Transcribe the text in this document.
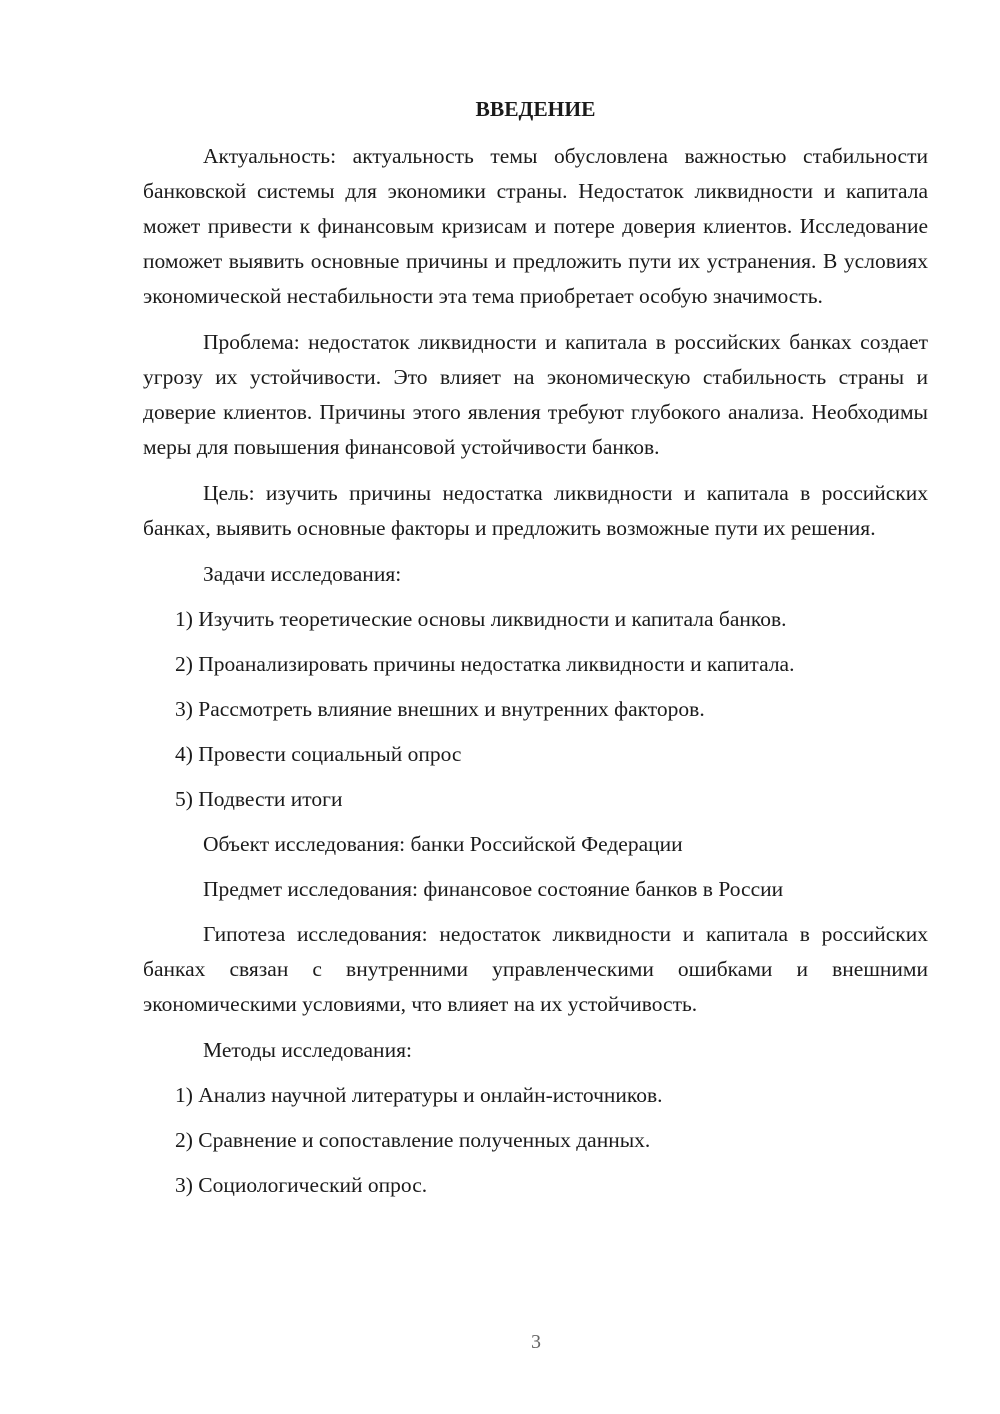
ВВЕДЕНИЕ

Актуальность: актуальность темы обусловлена важностью стабильности банковской системы для экономики страны. Недостаток ликвидности и капитала может привести к финансовым кризисам и потере доверия клиентов. Исследование поможет выявить основные причины и предложить пути их устранения. В условиях экономической нестабильности эта тема приобретает особую значимость.

Проблема: недостаток ликвидности и капитала в российских банках создает угрозу их устойчивости. Это влияет на экономическую стабильность страны и доверие клиентов. Причины этого явления требуют глубокого анализа. Необходимы меры для повышения финансовой устойчивости банков.

Цель: изучить причины недостатка ликвидности и капитала в российских банках, выявить основные факторы и предложить возможные пути их решения.

Задачи исследования:

1) Изучить теоретические основы ликвидности и капитала банков.

2) Проанализировать причины недостатка ликвидности и капитала.

3) Рассмотреть влияние внешних и внутренних факторов.

4) Провести социальный опрос

5) Подвести итоги

Объект исследования: банки Российской Федерации

Предмет исследования: финансовое состояние банков в России

Гипотеза исследования: недостаток ликвидности и капитала в российских банках связан с внутренними управленческими ошибками и внешними экономическими условиями, что влияет на их устойчивость.

Методы исследования:

1) Анализ научной литературы и онлайн-источников.

2) Сравнение и сопоставление полученных данных.

3) Социологический опрос.

3
